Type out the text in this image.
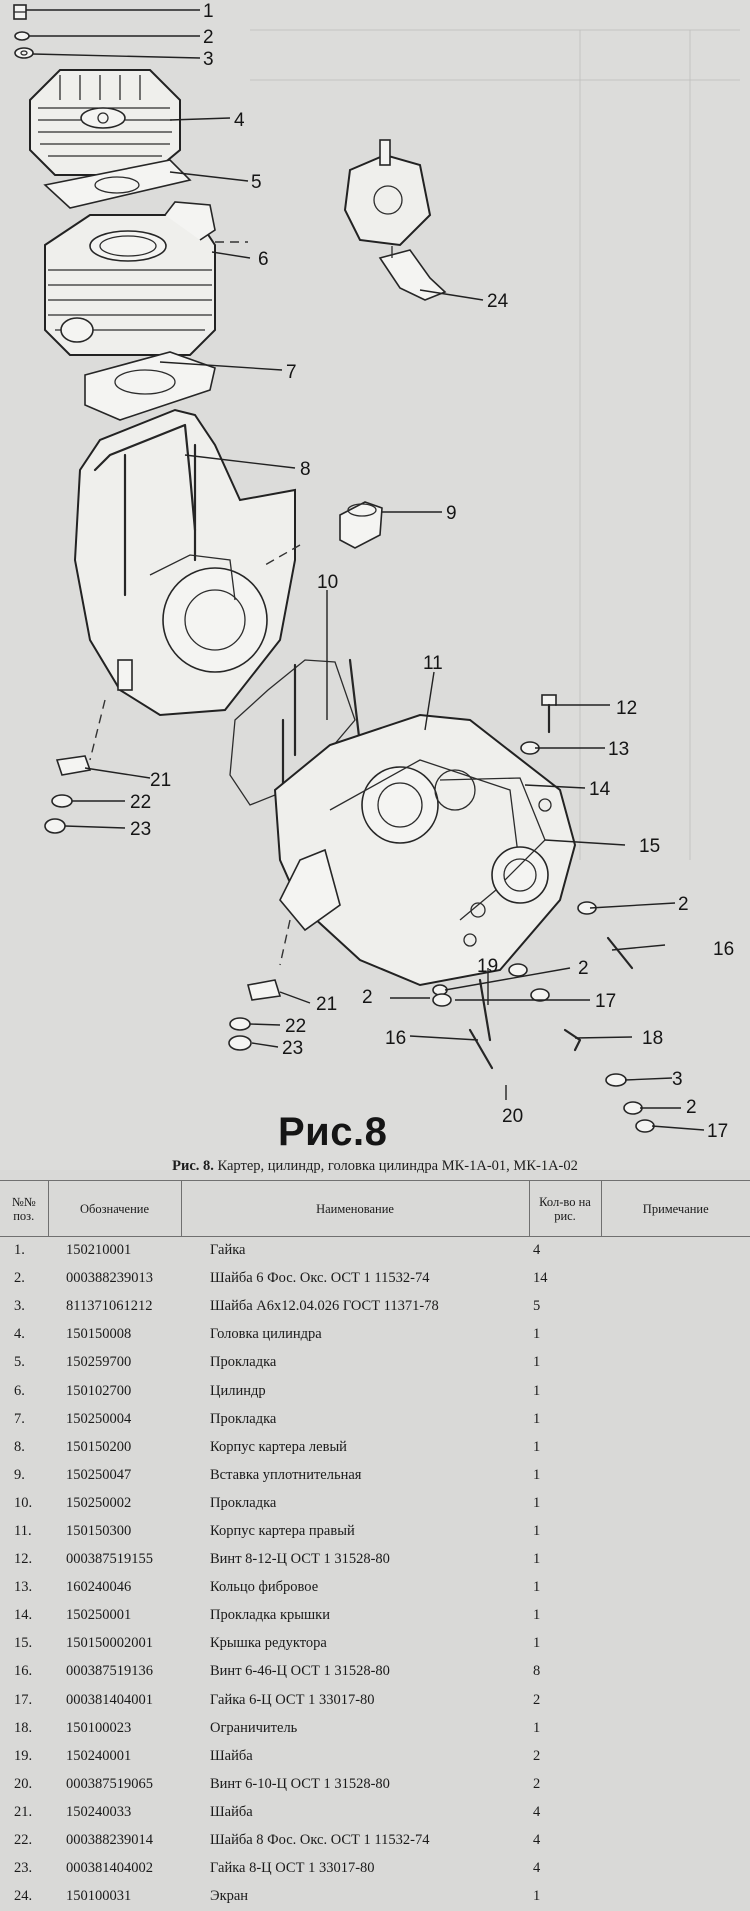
1
2
3
4
5
6
7
8
9
10
11
12
13
14
15
2
16
2
17
18
19
20
3
2
17
21
22
23
2
16
21
22
23
24
Рис.8
Рис. 8. Картер, цилиндр, головка цилиндра МК-1А-01, МК-1А-02
№№ поз.	Обозначение	Наименование	Кол-во на рис.	Примечание
1.	150210001	Гайка	4	
2.	000388239013	Шайба 6 Фос. Окс. ОСТ 1 11532-74	14	
3.	811371061212	Шайба А6х12.04.026 ГОСТ 11371-78	5	
4.	150150008	Головка цилиндра	1	
5.	150259700	Прокладка	1	
6.	150102700	Цилиндр	1	
7.	150250004	Прокладка	1	
8.	150150200	Корпус картера левый	1	
9.	150250047	Вставка уплотнительная	1	
10.	150250002	Прокладка	1	
11.	150150300	Корпус картера правый	1	
12.	000387519155	Винт 8-12-Ц ОСТ 1 31528-80	1	
13.	160240046	Кольцо фибровое	1	
14.	150250001	Прокладка крышки	1	
15.	150150002001	Крышка редуктора	1	
16.	000387519136	Винт 6-46-Ц ОСТ 1 31528-80	8	
17.	000381404001	Гайка 6-Ц ОСТ 1 33017-80	2	
18.	150100023	Ограничитель	1	
19.	150240001	Шайба	2	
20.	000387519065	Винт 6-10-Ц ОСТ 1 31528-80	2	
21.	150240033	Шайба	4	
22.	000388239014	Шайба 8 Фос. Окс. ОСТ 1 11532-74	4	
23.	000381404002	Гайка 8-Ц ОСТ 1 33017-80	4	
24.	150100031	Экран	1	
